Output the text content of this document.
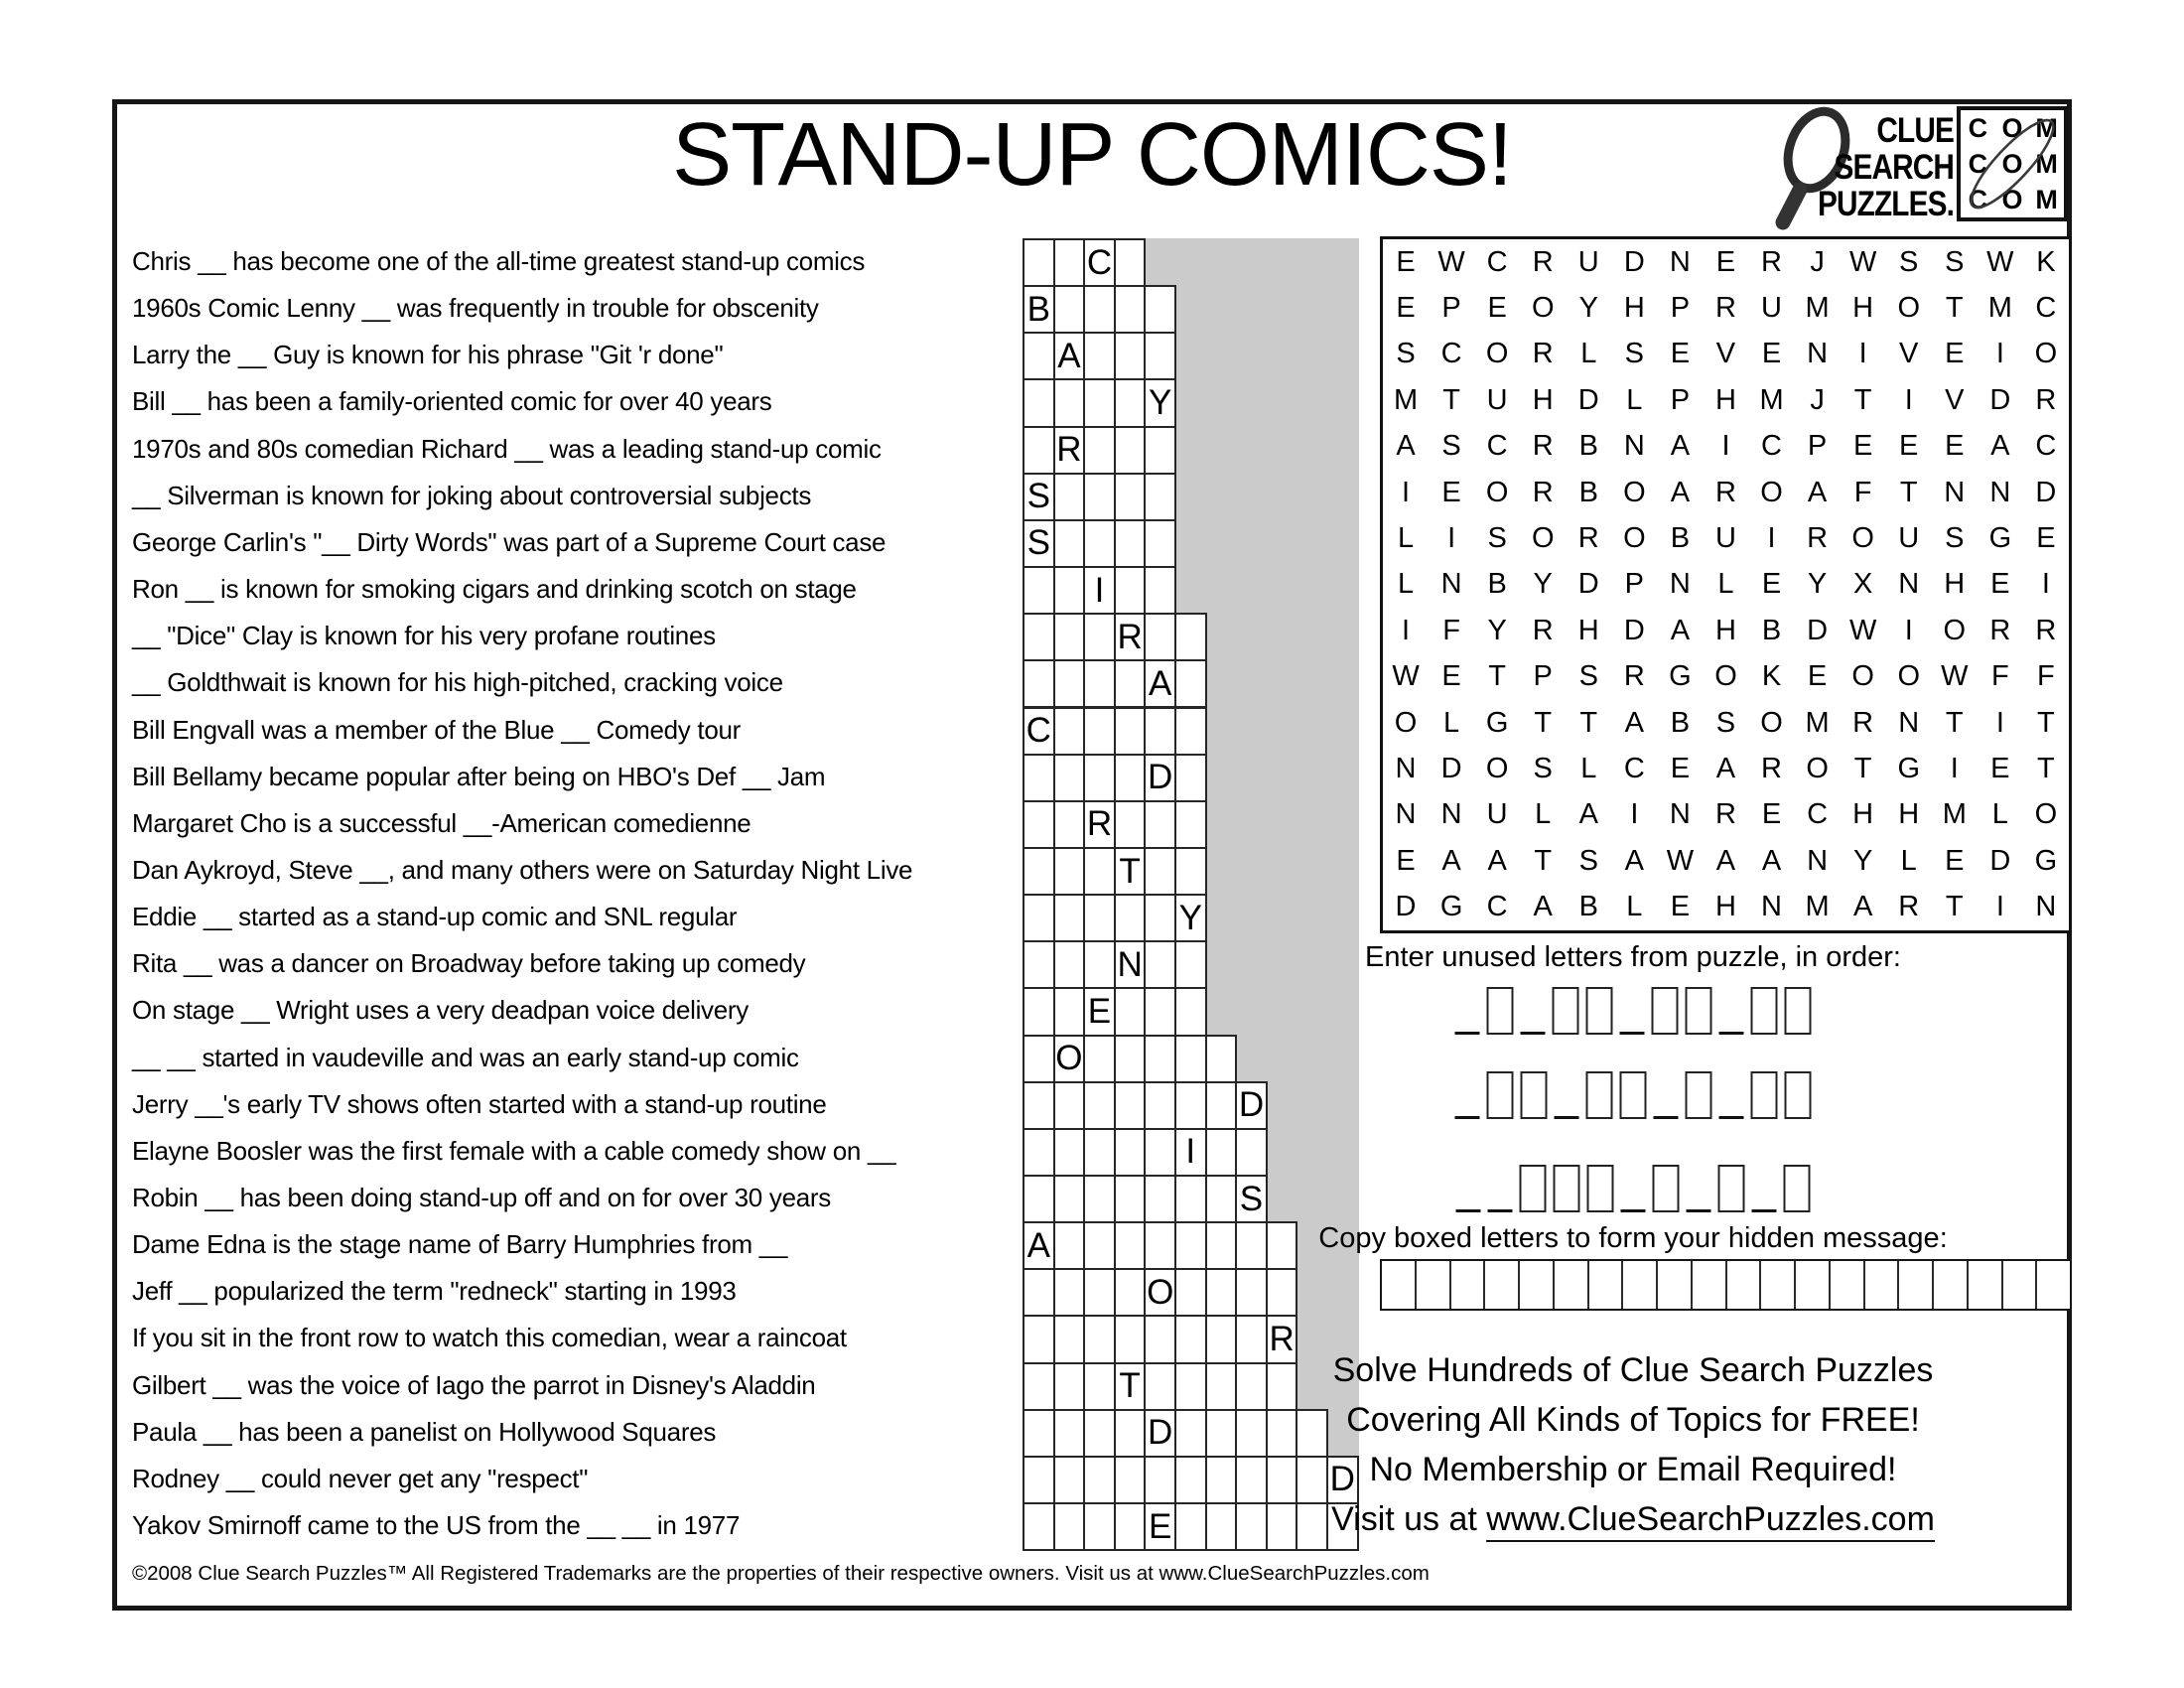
STAND-UP COMICS!	CLUE
SEARCH
PUZZLES.
C O M
C O M
C O M
Chris __ has become one of the all-time greatest stand-up comics
1960s Comic Lenny __ was frequently in trouble for obscenity
Larry the __ Guy is known for his phrase "Git 'r done"
Bill __ has been a family-oriented comic for over 40 years
1970s and 80s comedian Richard __ was a leading stand-up comic
__ Silverman is known for joking about controversial subjects
George Carlin's "__ Dirty Words" was part of a Supreme Court case
Ron __ is known for smoking cigars and drinking scotch on stage
__ "Dice" Clay is known for his very profane routines
__ Goldthwait is known for his high-pitched, cracking voice
Bill Engvall was a member of the Blue __ Comedy tour
Bill Bellamy became popular after being on HBO's Def __ Jam
Margaret Cho is a successful __-American comedienne
Dan Aykroyd, Steve __, and many others were on Saturday Night Live
Eddie __ started as a stand-up comic and SNL regular
Rita __ was a dancer on Broadway before taking up comedy
On stage __ Wright uses a very deadpan voice delivery
__ __ started in vaudeville and was an early stand-up comic
Jerry __'s early TV shows often started with a stand-up routine
Elayne Boosler was the first female with a cable comedy show on __
Robin __ has been doing stand-up off and on for over 30 years
Dame Edna is the stage name of Barry Humphries from __
Jeff __ popularized the term "redneck" starting in 1993
If you sit in the front row to watch this comedian, wear a raincoat
Gilbert __ was the voice of Iago the parrot in Disney's Aladdin
Paula __ has been a panelist on Hollywood Squares
Rodney __ could never get any "respect"
Yakov Smirnoff came to the US from the __ __ in 1977
C
B
A
Y
R
S
S
I
R
A
C
D
R
T
Y
N
E
O
D
I
S
A
O
R
T
D
D
E
E W C R U D N E R J W S S W K
E P E O Y H P R U M H O T M C
S C O R L S E V E N	I	V E	I	O
M T U H D L P H M J	T	I	V D R
A S C R B N A	I	C P E E E A C
I	E O R B O A R O A F T N N D
L	I	S O R O B U	I	R O U S G E
L N B Y D P N L E Y X N H E	I
I	F Y R H D A H B D W I	O R R
W E T P S R G O K E O O W F F
O L G T T A B S O M R N T	I	T
N D O S L C E A R O T G	I	E T
N N U L A	I	N R E C H H M L O
E A A T S A W A A N Y L E D G
D G C A B L E H N M A R T	I	N
Enter unused letters from puzzle, in order:
Copy boxed letters to form your hidden message:
Solve Hundreds of Clue Search Puzzles
Covering All Kinds of Topics for FREE!
No Membership or Email Required!
Visit us at www.ClueSearchPuzzles.com
©2008 Clue Search Puzzles™ All Registered Trademarks are the properties of their respective owners. Visit us at www.ClueSearchPuzzles.com
